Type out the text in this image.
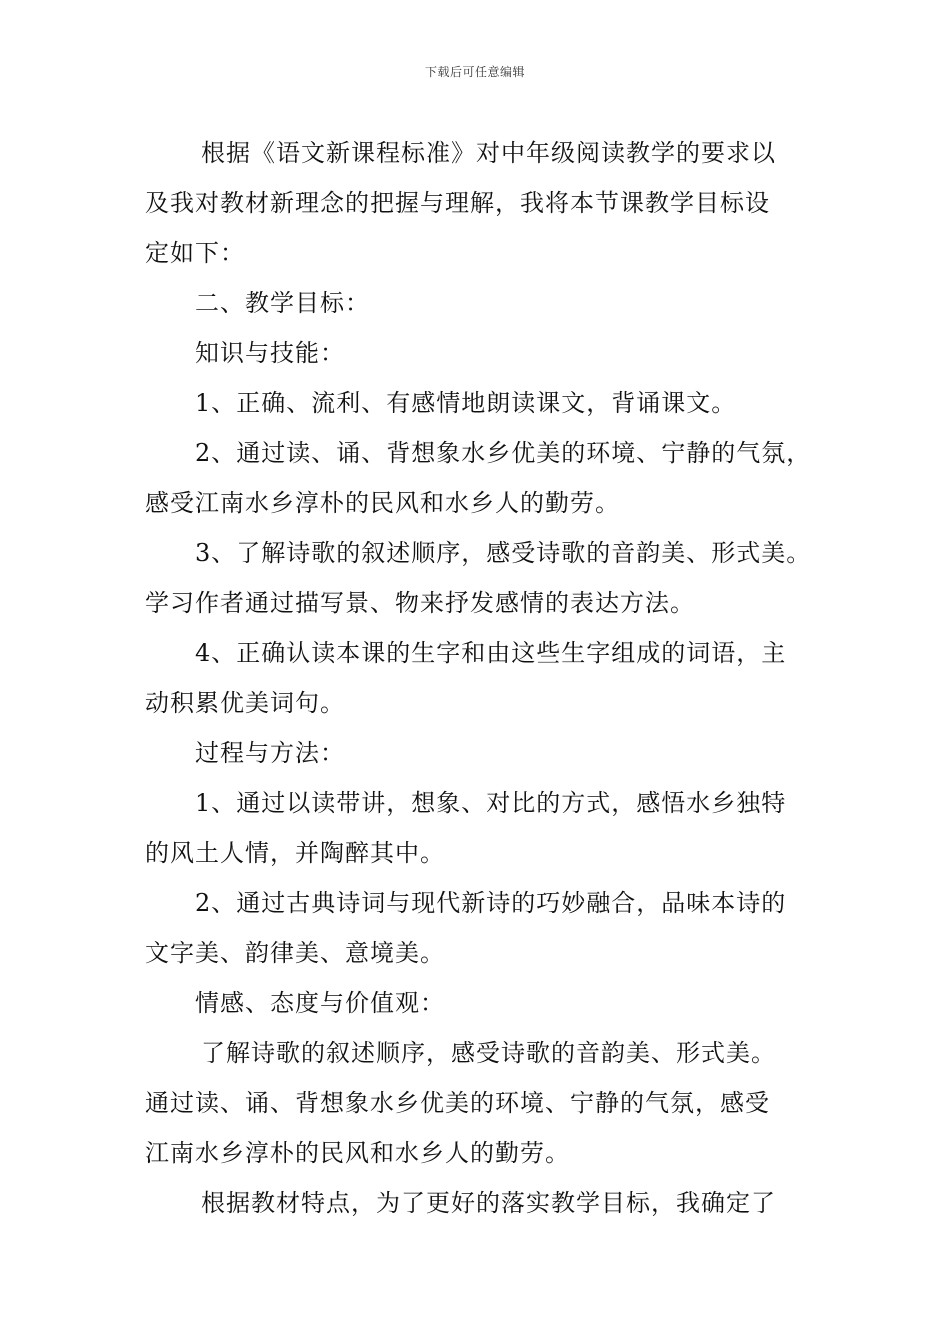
下载后可任意编辑
根据《语文新课程标准》对中年级阅读教学的要求以
及我对教材新理念的把握与理解，我将本节课教学目标设
定如下：
二、教学目标：
知识与技能：
1、正确、流利、有感情地朗读课文，背诵课文。
2、通过读、诵、背想象水乡优美的环境、宁静的气氛，
感受江南水乡淳朴的民风和水乡人的勤劳。
3、了解诗歌的叙述顺序，感受诗歌的音韵美、形式美。
学习作者通过描写景、物来抒发感情的表达方法。
4、正确认读本课的生字和由这些生字组成的词语，主
动积累优美词句。
过程与方法：
1、通过以读带讲，想象、对比的方式，感悟水乡独特
的风土人情，并陶醉其中。
2、通过古典诗词与现代新诗的巧妙融合，品味本诗的
文字美、韵律美、意境美。
情感、态度与价值观：
了解诗歌的叙述顺序，感受诗歌的音韵美、形式美。
通过读、诵、背想象水乡优美的环境、宁静的气氛，感受
江南水乡淳朴的民风和水乡人的勤劳。
根据教材特点，为了更好的落实教学目标，我确定了
